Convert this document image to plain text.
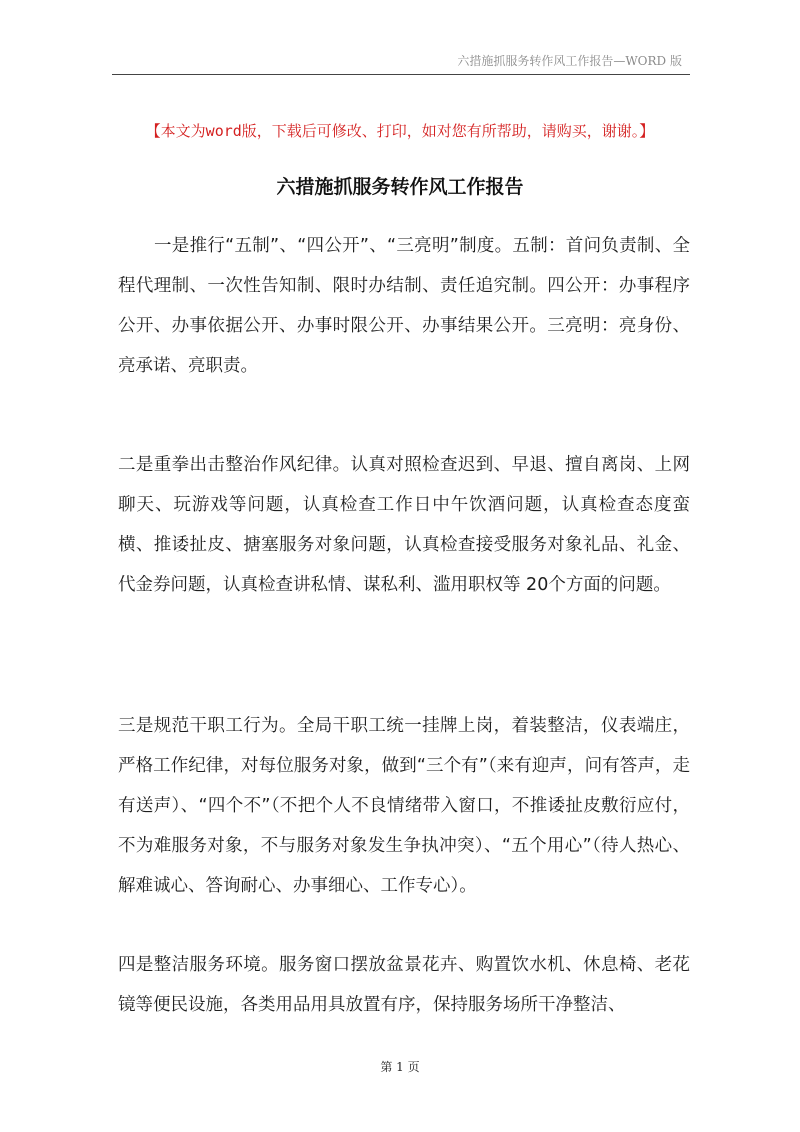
六措施抓服务转作风工作报告—WORD 版
【本文为word版，下载后可修改、打印，如对您有所帮助，请购买，谢谢。】
六措施抓服务转作风工作报告

一是推行“五制”、“四公开”、“三亮明”制度。五制：首问负责制、全程代理制、一次性告知制、限时办结制、责任追究制。四公开：办事程序公开、办事依据公开、办事时限公开、办事结果公开。三亮明：亮身份、亮承诺、亮职责。

二是重拳出击整治作风纪律。认真对照检查迟到、早退、擅自离岗、上网聊天、玩游戏等问题，认真检查工作日中午饮酒问题，认真检查态度蛮横、推诿扯皮、搪塞服务对象问题，认真检查接受服务对象礼品、礼金、代金券问题，认真检查讲私情、谋私利、滥用职权等 20个方面的问题。

三是规范干职工行为。全局干职工统一挂牌上岗，着装整洁，仪表端庄，严格工作纪律，对每位服务对象，做到“三个有”（来有迎声，问有答声，走有送声）、“四个不”（不把个人不良情绪带入窗口，不推诿扯皮敷衍应付，不为难服务对象，不与服务对象发生争执冲突）、“五个用心”（待人热心、解难诚心、答询耐心、办事细心、工作专心）。

四是整洁服务环境。服务窗口摆放盆景花卉、购置饮水机、休息椅、老花镜等便民设施，各类用品用具放置有序，保持服务场所干净整洁、

第 1 页
